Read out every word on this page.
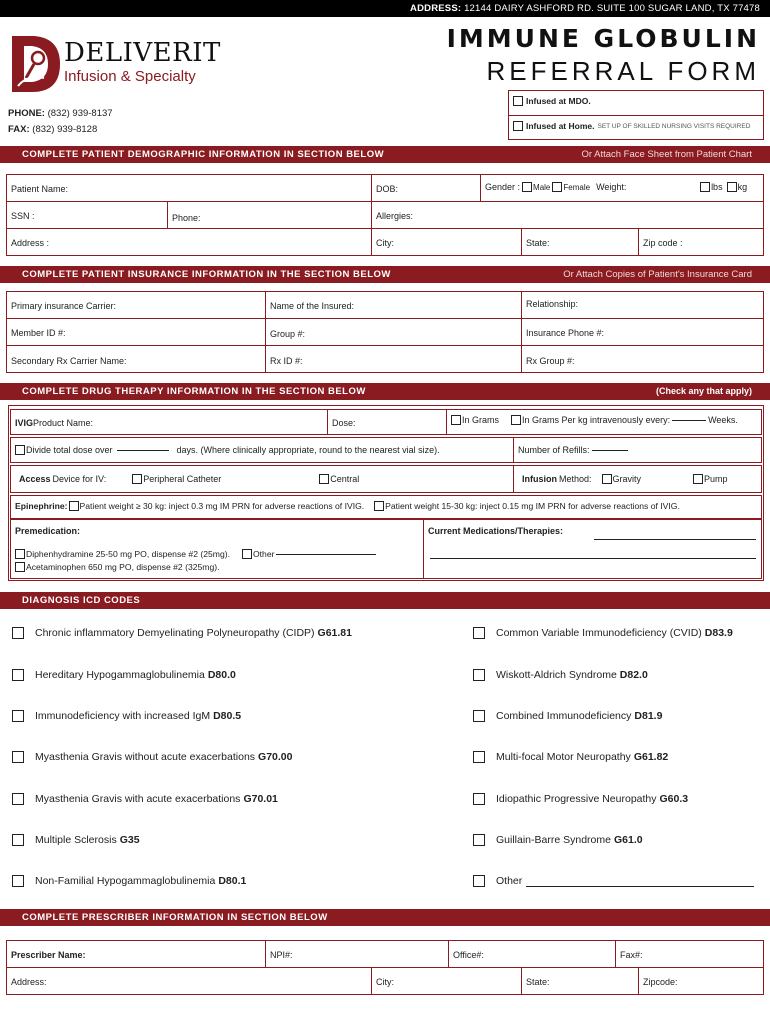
ADDRESS: 12144 DAIRY ASHFORD RD. SUITE 100 SUGAR LAND, TX 77478
DELIVERIT
Infusion & Specialty
IMMUNE GLOBULIN
REFERRAL FORM
PHONE: (832) 939-8137
FAX: (832) 939-8128
Infused at MDO.
Infused at Home. SET UP OF SKILLED NURSING VISITS REQUIRED
COMPLETE PATIENT DEMOGRAPHIC INFORMATION IN SECTION BELOW	Or Attach Face Sheet from Patient Chart
Patient Name:	DOB:	Gender : Male Female Weight:	lbs kg
SSN :	Phone:	Allergies:
Address :	City:	State:	Zip code :
COMPLETE PATIENT INSURANCE INFORMATION IN THE SECTION BELOW	Or Attach Copies of Patient's Insurance Card
Primary insurance Carrier:	Name of the Insured:	Relationship:
Member ID #:	Group #:	Insurance Phone #:
Secondary Rx Carrier Name:	Rx ID #:	Rx Group #:
COMPLETE DRUG THERAPY INFORMATION IN THE SECTION BELOW	(Check any that apply)
IVIGProduct Name:	Dose:	In Grams	In Grams Per kg intravenously every:	Weeks.
Divide total dose over	days. (Where clinically appropriate, round to the nearest vial size).	Number of Refills:
Access Device for IV:	Peripheral Catheter	Central	Infusion Method: Gravity	Pump
Epinephrine: Patient weight ≥ 30 kg: inject 0.3 mg IM PRN for adverse reactions of IVIG. Patient weight 15-30 kg: inject 0.15 mg IM PRN for adverse reactions of IVIG.
Premedication:
Diphenhydramine 25-50 mg PO, dispense #2 (25mg).	Other
Acetaminophen 650 mg PO, dispense #2 (325mg).
Current Medications/Therapies:
DIAGNOSIS ICD CODES
Chronic inflammatory Demyelinating Polyneuropathy (CIDP) G61.81
Hereditary Hypogammaglobulinemia D80.0
Immunodeficiency with increased IgM D80.5
Myasthenia Gravis without acute exacerbations G70.00
Myasthenia Gravis with acute exacerbations G70.01
Multiple Sclerosis G35
Non-Familial Hypogammaglobulinemia D80.1
Common Variable Immunodeficiency (CVID) D83.9
Wiskott-Aldrich Syndrome D82.0
Combined Immunodeficiency D81.9
Multi-focal Motor Neuropathy G61.82
Idiopathic Progressive Neuropathy G60.3
Guillain-Barre Syndrome G61.0
Other
COMPLETE PRESCRIBER INFORMATION IN SECTION BELOW
Prescriber Name:	NPI#:	Office#:	Fax#:
Address:	City:	State:	Zipcode:
